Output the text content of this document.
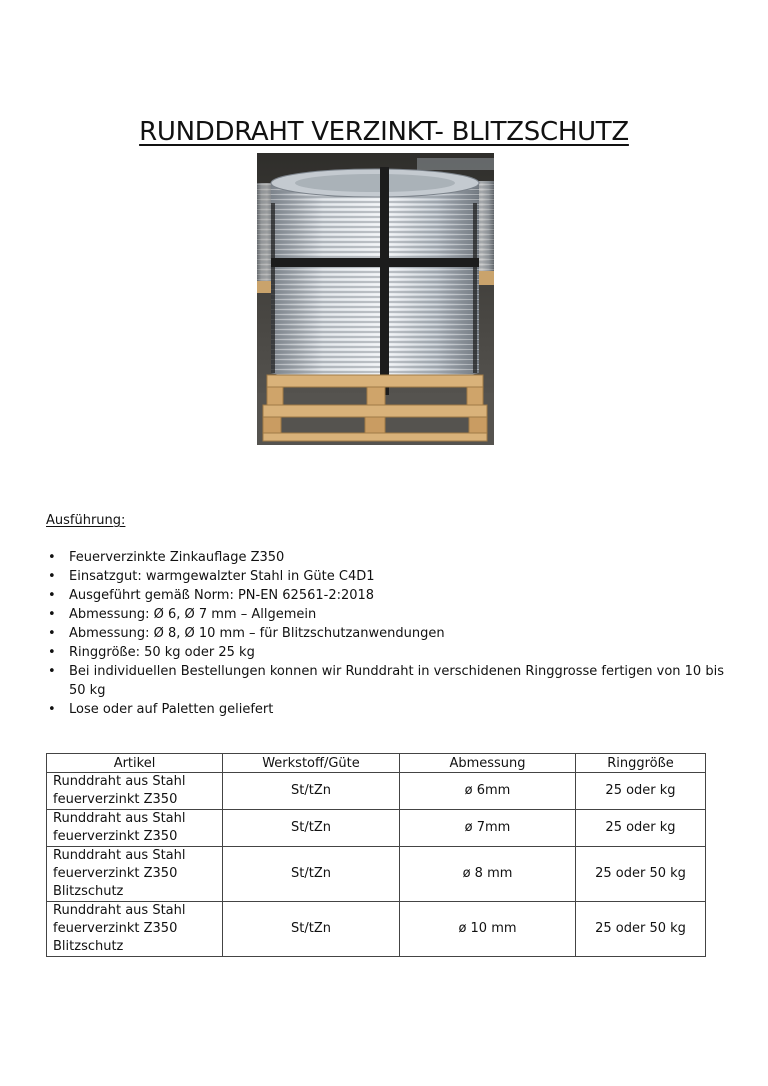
RUNDDRAHT VERZINKT- BLITZSCHUTZ
Ausführung:
• Feuerverzinkte Zinkauflage Z350
• Einsatzgut: warmgewalzter Stahl in Güte C4D1
• Ausgeführt gemäß Norm: PN-EN 62561-2:2018
• Abmessung: Ø 6, Ø 7 mm – Allgemein
• Abmessung: Ø 8, Ø 10 mm – für Blitzschutzanwendungen
• Ringgröße: 50 kg oder 25 kg
• Bei individuellen Bestellungen konnen wir Runddraht in verschidenen Ringgrosse fertigen von 10 bis 50 kg
• Lose oder auf Paletten geliefert
Artikel	Werkstoff/Güte	Abmessung	Ringgröße

Runddraht aus Stahl
feuerverzinkt Z350	St/tZn	ø 6mm	25 oder kg

Runddraht aus Stahl
feuerverzinkt Z350	St/tZn	ø 7mm	25 oder kg

Runddraht aus Stahl
feuerverzinkt Z350
Blitzschutz	St/tZn	ø 8 mm	25 oder 50 kg

Runddraht aus Stahl
feuerverzinkt Z350
Blitzschutz	St/tZn	ø 10 mm	25 oder 50 kg
